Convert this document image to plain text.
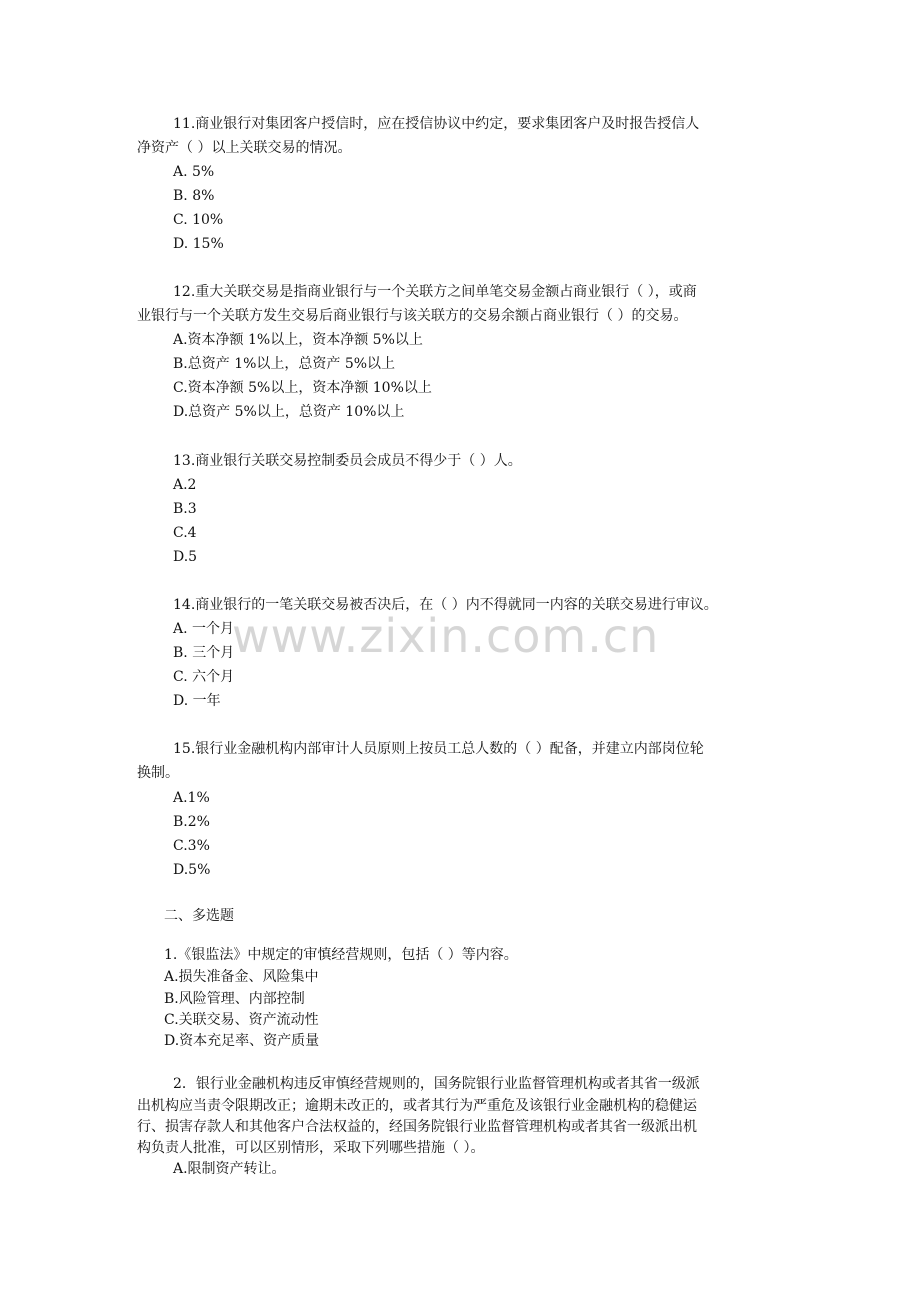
www.zixin.com.cn
11.商业银行对集团客户授信时，应在授信协议中约定，要求集团客户及时报告授信人
净资产（ ）以上关联交易的情况。
A. 5%
B. 8%
C. 10%
D. 15%
12.重大关联交易是指商业银行与一个关联方之间单笔交易金额占商业银行（ ），或商
业银行与一个关联方发生交易后商业银行与该关联方的交易余额占商业银行（ ）的交易。
A.资本净额 1%以上，资本净额 5%以上
B.总资产 1%以上，总资产 5%以上
C.资本净额 5%以上，资本净额 10%以上
D.总资产 5%以上，总资产 10%以上
13.商业银行关联交易控制委员会成员不得少于（ ）人。
A.2
B.3
C.4
D.5
14.商业银行的一笔关联交易被否决后，在（ ）内不得就同一内容的关联交易进行审议。
A. 一个月
B. 三个月
C. 六个月
D. 一年
15.银行业金融机构内部审计人员原则上按员工总人数的（ ）配备，并建立内部岗位轮
换制。
A.1%
B.2%
C.3%
D.5%
二、多选题
1.《银监法》中规定的审慎经营规则，包括（ ）等内容。
A.损失准备金、风险集中
B.风险管理、内部控制
C.关联交易、资产流动性
D.资本充足率、资产质量
2．银行业金融机构违反审慎经营规则的，国务院银行业监督管理机构或者其省一级派
出机构应当责令限期改正；逾期未改正的，或者其行为严重危及该银行业金融机构的稳健运
行、损害存款人和其他客户合法权益的，经国务院银行业监督管理机构或者其省一级派出机
构负责人批准，可以区别情形，采取下列哪些措施（ ）。
A.限制资产转让。
